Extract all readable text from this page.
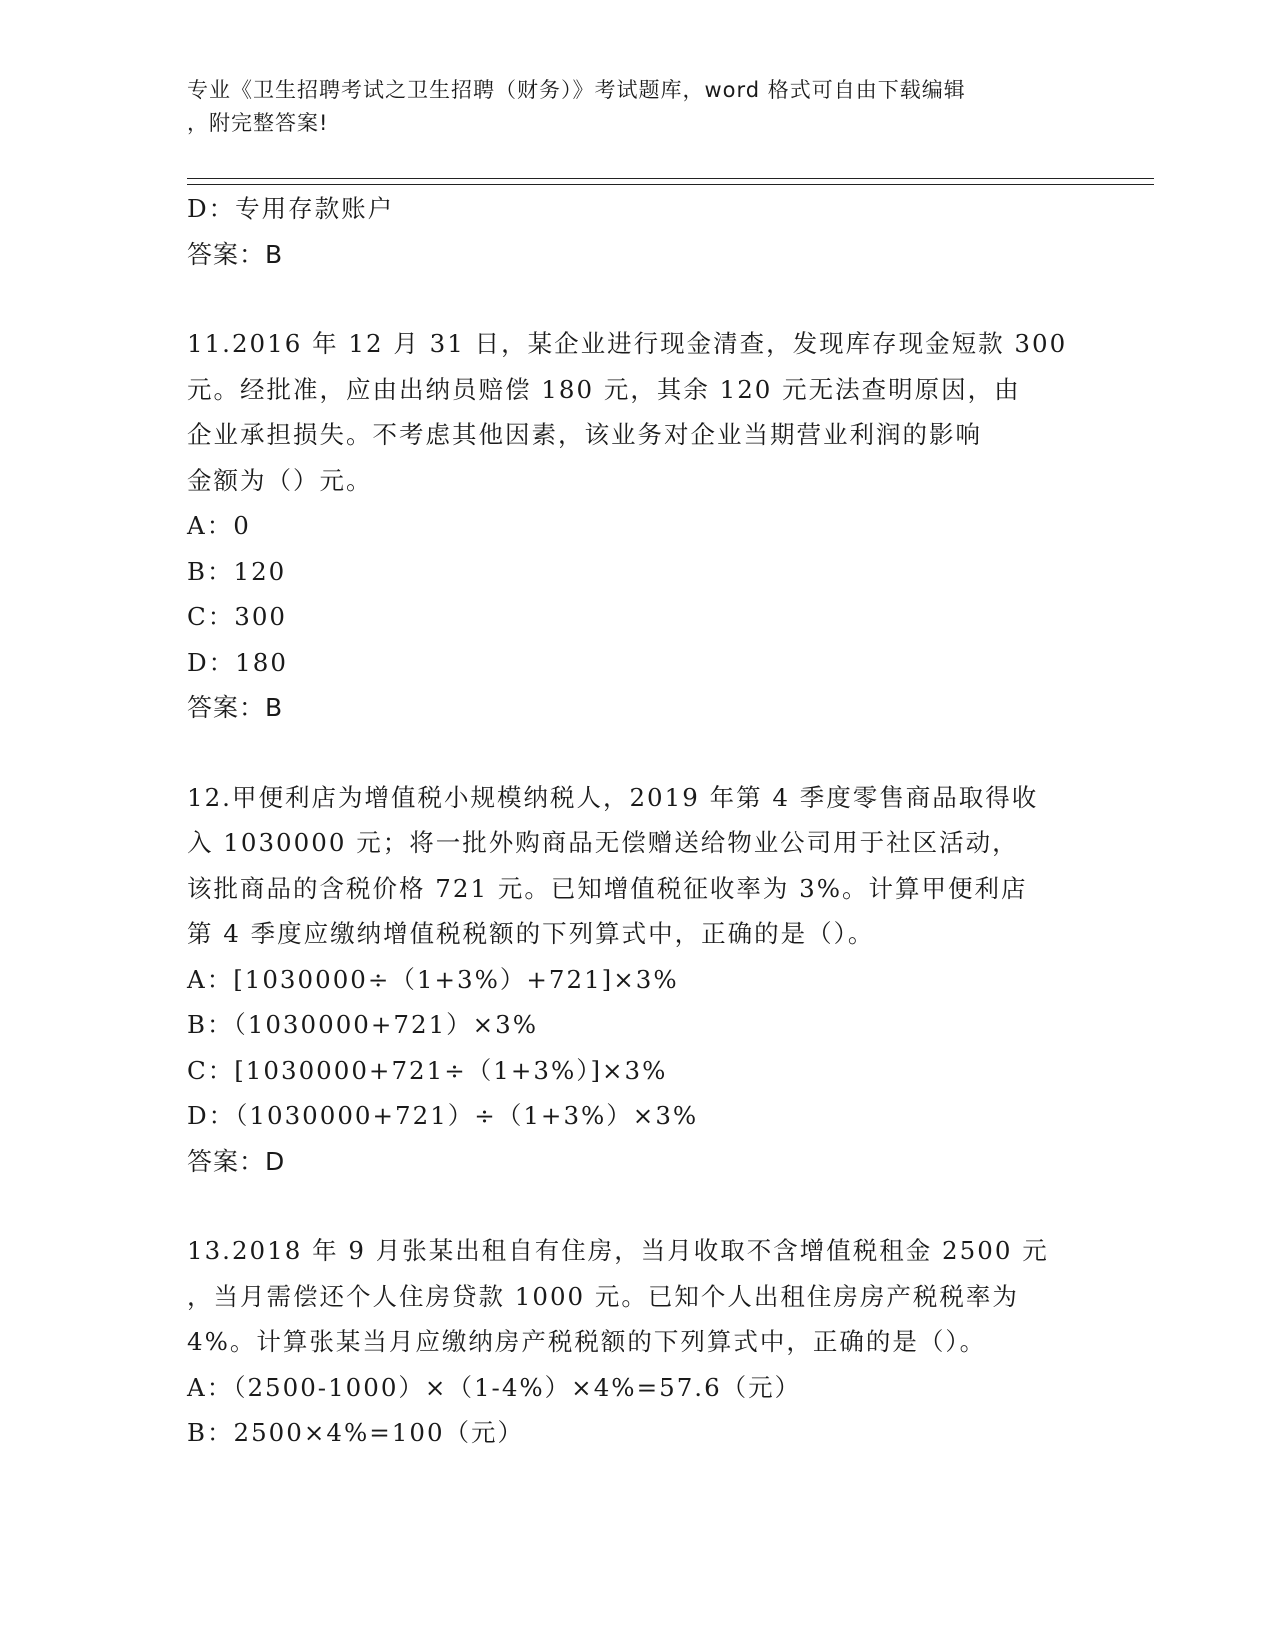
专业《卫生招聘考试之卫生招聘（财务）》考试题库，word 格式可自由下载编辑
，附完整答案!
D：专用存款账户
答案：B
11.2016 年 12 月 31 日，某企业进行现金清查，发现库存现金短款 300
元。经批准，应由出纳员赔偿 180 元，其余 120 元无法查明原因，由
企业承担损失。不考虑其他因素，该业务对企业当期营业利润的影响
金额为（）元。
A：0
B：120
C：300
D：180
答案：B
12.甲便利店为增值税小规模纳税人，2019 年第 4 季度零售商品取得收
入 1030000 元；将一批外购商品无偿赠送给物业公司用于社区活动，
该批商品的含税价格 721 元。已知增值税征收率为 3%。计算甲便利店
第 4 季度应缴纳增值税税额的下列算式中，正确的是（）。
A：[1030000÷（1+3%）+721]×3%
B：（1030000+721）×3%
C：[1030000+721÷（1+3%）]×3%
D：（1030000+721）÷（1+3%）×3%
答案：D
13.2018 年 9 月张某出租自有住房，当月收取不含增值税租金 2500 元
，当月需偿还个人住房贷款 1000 元。已知个人出租住房房产税税率为
4%。计算张某当月应缴纳房产税税额的下列算式中，正确的是（）。
A：（2500-1000）×（1-4%）×4%=57.6（元）
B：2500×4%=100（元）
